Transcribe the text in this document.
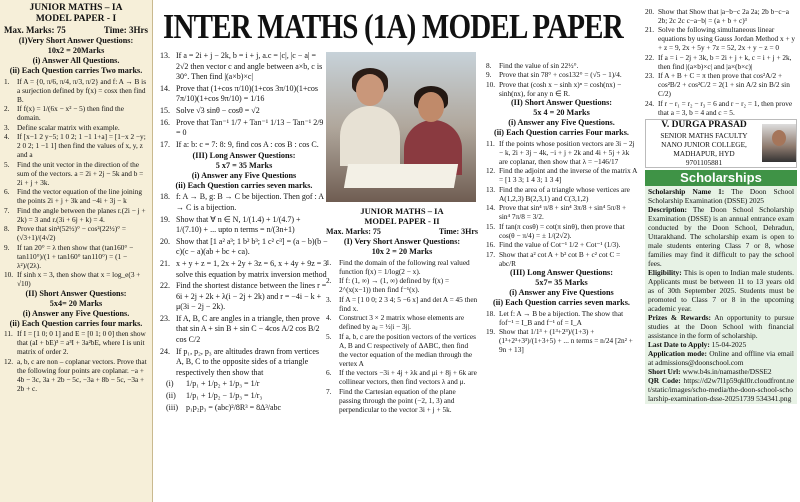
JUNIOR MATHS – IA
MODEL PAPER - I
Max. Marks: 75	Time: 3Hrs
(I)Very Short Answer Questions:
10x2 = 20Marks
(i) Answer All Questions.
(ii) Each Question carries Two marks.
1.	If A = {0, π/6, π/4, π/3, π/2} and f: A → B is a surjection defined by f(x) = cosx then find B.
2.	If f(x) = 1/(6x − x² − 5) then find the domain.
3.	Define scalar matrix with example.
4.	If [x−1 2 y−5; 1 0 2; 1 −1 1+a] = [1−x 2 −y; 2 0 2; 1 −1 1] then find the values of x, y, z and a
5.	Find the unit vector in the direction of the sum of the vectors. a = 2i + 2j − 5k and b = 2i + j + 3k.
6.	Find the vector equation of the line joining the points 2i + j + 3k and −4i + 3j − k
7.	Find the angle between the planes r.(2i − j + 2k) = 3 and r.(3i + 6j + k) = 4.
8.	Prove that sin²(52½)° − cos²(22½)° = (√3+1)/(4√2)
9.	If tan 20° = λ then show that (tan160° − tan110°)/(1 + tan160° tan110°) = (1 − λ²)/(2λ).
10. If sinh x = 3, then show that x = log_e(3 + √10)
(II) Short Answer Questions:
5x4= 20 Marks
(i) Answer any Five Questions.
(ii) Each Question carries four marks.
11. If I = [1 0; 0 1] and E = [0 1; 0 0] then show that (aI + bE)³ = a³I + 3a²bE, where I is unit matrix of order 2.
12. a, b, c are non – coplanar vectors. Prove that the following four points are coplanar. −a + 4b − 3c, 3a + 2b − 5c, −3a + 8b − 5c, −3a + 2b + c.
INTER MATHS (1A) MODEL PAPER
13. If a = 2i + j − 2k, b = i + j, a.c = |c|, |c − a| = 2√2 then vector c and angle between a×b, c is 30°. Then find |(a×b)×c|
14. Prove that (1+cos π/10)(1+cos 3π/10)(1+cos 7π/10)(1+cos 9π/10) = 1/16
15. Solve √3 sinθ − cosθ = √2
16. Prove that Tan⁻¹ 1/7 + Tan⁻¹ 1/13 − Tan⁻¹ 2/9 = 0
17. If a: b: c = 7: 8: 9, find cos A : cos B : cos C.
(III) Long Answer Questions:
5 x7 = 35 Marks
(i) Answer any Five Questions
(ii) Each Question carries seven marks.
18. f: A → B, g: B → C be bijection. Then gof : A → C is a bijection.
19. Show that ∀ n ∈ N, 1/(1.4) + 1/(4.7) + 1/(7.10) + ... upto n terms = n/(3n+1)
20. Show that [1 a² a³; 1 b² b³; 1 c² c³] = (a − b)(b − c)(c − a)(ab + bc + ca).
21. x + y + z = 1, 2x + 2y + 3z = 6, x + 4y + 9z = 3 solve this equation by matrix inversion method
22. Find the shortest distance between the lines r = 6i + 2j + 2k + λ(i − 2j + 2k) and r = −4i − k + μ(3i − 2j − 2k).
23. If A, B, C are angles in a triangle, then prove that sin A + sin B + sin C − 4cos A/2 cos B/2 cos C/2
24. If p₁, p₂, p₃ are altitudes drawn from vertices A, B, C to the opposite sides of a triangle respectively then show that
(i)	1/p₁ + 1/p₂ + 1/p₃ = 1/r
(ii)	1/p₁ + 1/p₂ − 1/p₃ = 1/r₃
(iii)	p₁p₂p₃ = (abc)²/8R³ = 8Δ³/abc
JUNIOR MATHS – IA
MODEL PAPER - II
Max. Marks: 75	Time: 3Hrs
(I) Very Short Answer Questions:
10x 2 = 20 Marks
1.	Find the domain of the following real valued function f(x) = 1/log(2 − x).
2.	If f: (1, ∞) → (1, ∞) defined by f(x) = 2^(x(x−1)) then find f⁻¹(x).
3.	If A = [1 0 0; 2 3 4; 5 −6 x] and det A = 45 then find x.
4.	Construct 3 × 2 matrix whose elements are defined by aᵢⱼ = ½|i − 3j|.
5.	If a, b, c are the position vectors of the vertices A, B and C respectively of ΔABC, then find the vector equation of the median through the vertex A
6.	If the vectors −3i + 4j + λk and μi + 8j + 6k are collinear vectors, then find vectors λ and μ.
7.	Find the Cartesian equation of the plane passing through the point (−2, 1, 3) and perpendicular to the vector 3i + j + 5k.
8.	Find the value of sin 22½°.
9.	Prove that sin 78° + cos132° = (√5 − 1)/4.
10. Prove that (cosh x − sinh x)ⁿ = cosh(nx) − sinh(nx), for any n ∈ R.
(II) Short Answer Questions:
5x 4 = 20 Marks
(i) Answer any Five Questions.
(ii) Each Question carries Four marks.
11. If the points whose position vectors are 3i − 2j − k, 2i + 3j − 4k, −i + j + 2k and 4i + 5j + λk are coplanar, then show that λ = −146/17
12. Find the adjoint and the inverse of the matrix A = [1 3 3; 1 4 3; 1 3 4]
13. Find the area of a triangle whose vertices are A(1,2,3) B(2,3,1) and C(3,1,2)
14. Prove that sin⁴ π/8 + sin⁴ 3π/8 + sin⁴ 5π/8 + sin⁴ 7π/8 = 3/2.
15. If tan(π cosθ) = cot(π sinθ), then prove that cos(θ − π/4) = ± 1/(2√2).
16. Find the value of Cot⁻¹ 1/2 + Cot⁻¹ (1/3).
17. Show that a² cot A + b² cot B + c² cot C = abc/R
(III) Long Answer Questions:
5x7= 35 Marks
(i) Answer any Five Questions
(ii) Each Question carries seven marks.
18. Let f: A → B be a bijection. The show that fof⁻¹ = I_B and f⁻¹ of = I_A
19. Show that 1/1³ + (1³+2³)/(1+3) + (1³+2³+3³)/(1+3+5) + ... n terms = n/24 [2n² + 9n + 13]
20. Show that Show that |a−b−c 2a 2a; 2b b−c−a 2b; 2c 2c c−a−b| = (a + b + c)³
21. Solve the following simultaneous linear equations by using Gauss Jordan Method x + y + z = 9, 2x + 5y + 7z = 52, 2x + y − z = 0
22. If a = i − 2j + 3k, b = 2i + j + k, c = i + j + 2k, then find |(a×b)×c| and |a×(b×c)|
23. If A + B + C = π then prove that cos²A/2 + cos²B/2 + cos²C/2 = 2(1 + sin A/2 sin B/2 sin C/2)
24. If r − r₁ = r₂ − r₃ = 6 and r − r₂ = 1, then prove that a = 3, b = 4 and c = 5.
V. DURGA PRASAD
SENIOR MATHS FACULTY
NANO JUNIOR COLLEGE,
MADHAPUR, HYD
9701105881
Scholarships
Scholarship Name 1: The Doon School Scholarship Examination (DSSE) 2025
Description: The Doon School Scholarship Examination (DSSE) is an annual entrance exam conducted by the Doon School, Dehradun, Uttarakhand. The scholarship exam is open to male students entering Class 7 or 8, whose families may find it difficult to pay the school fees.
Eligibility: This is open to Indian male students. Applicants must be between 11 to 13 years old as of 30th September 2025. Students must be promoted to Class 7 or 8 in the upcoming academic year.
Prizes & Rewards: An opportunity to pursue studies at the Doon School with financial assistance in the form of scholarship.
Last Date to Apply: 15-04-2025
Application mode: Online and offline via email at admissions@doonschool.com
Short Url: www.b4s.in/namasthe/DSSE2
QR Code: https://d2w7l1p59qkl0r.cloudfront.net/static/images/scho-media/the-doon-school-scholarship-examination-dsse-20251739 534341.png
